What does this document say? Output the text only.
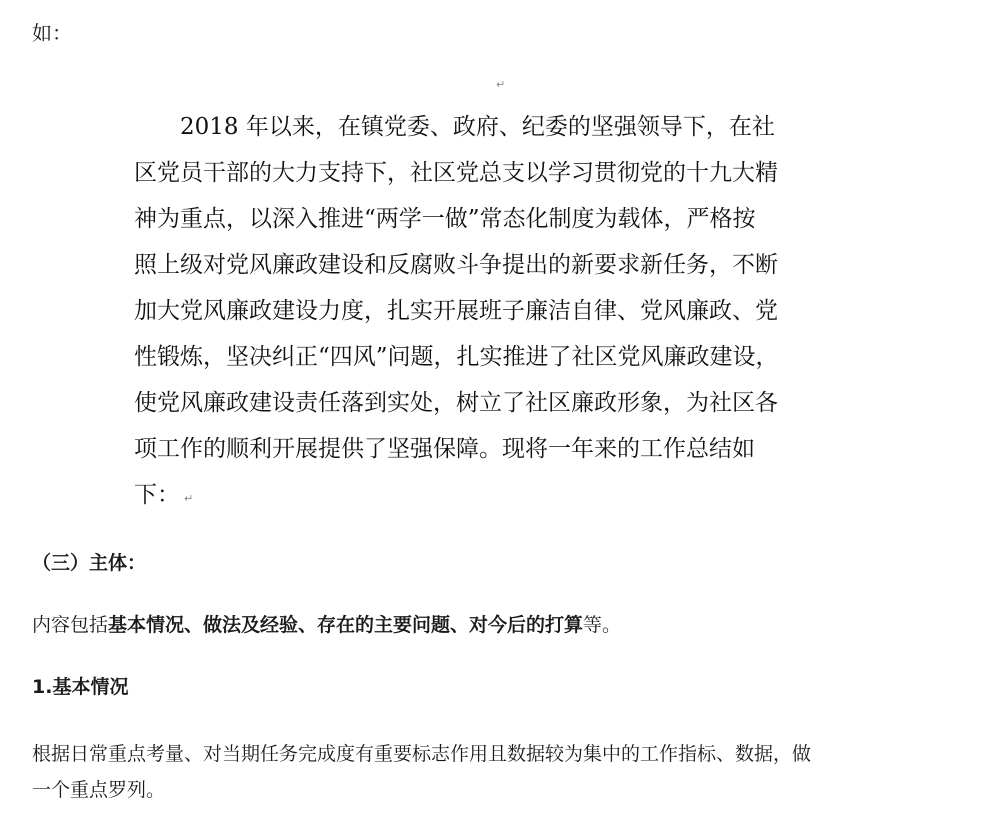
如：
↵

　　2018 年以来，在镇党委、政府、纪委的坚强领导下，在社

区党员干部的大力支持下，社区党总支以学习贯彻党的十九大精

神为重点，以深入推进“两学一做”常态化制度为载体，严格按

照上级对党风廉政建设和反腐败斗争提出的新要求新任务，不断

加大党风廉政建设力度，扎实开展班子廉洁自律、党风廉政、党

性锻炼，坚决纠正“四风”问题，扎实推进了社区党风廉政建设，

使党风廉政建设责任落到实处，树立了社区廉政形象，为社区各

项工作的顺利开展提供了坚强保障。现将一年来的工作总结如

下： ↵

（三）主体：
内容包括基本情况、做法及经验、存在的主要问题、对今后的打算等。
1.基本情况

根据日常重点考量、对当期任务完成度有重要标志作用且数据较为集中的工作指标、数据，做

一个重点罗列。
